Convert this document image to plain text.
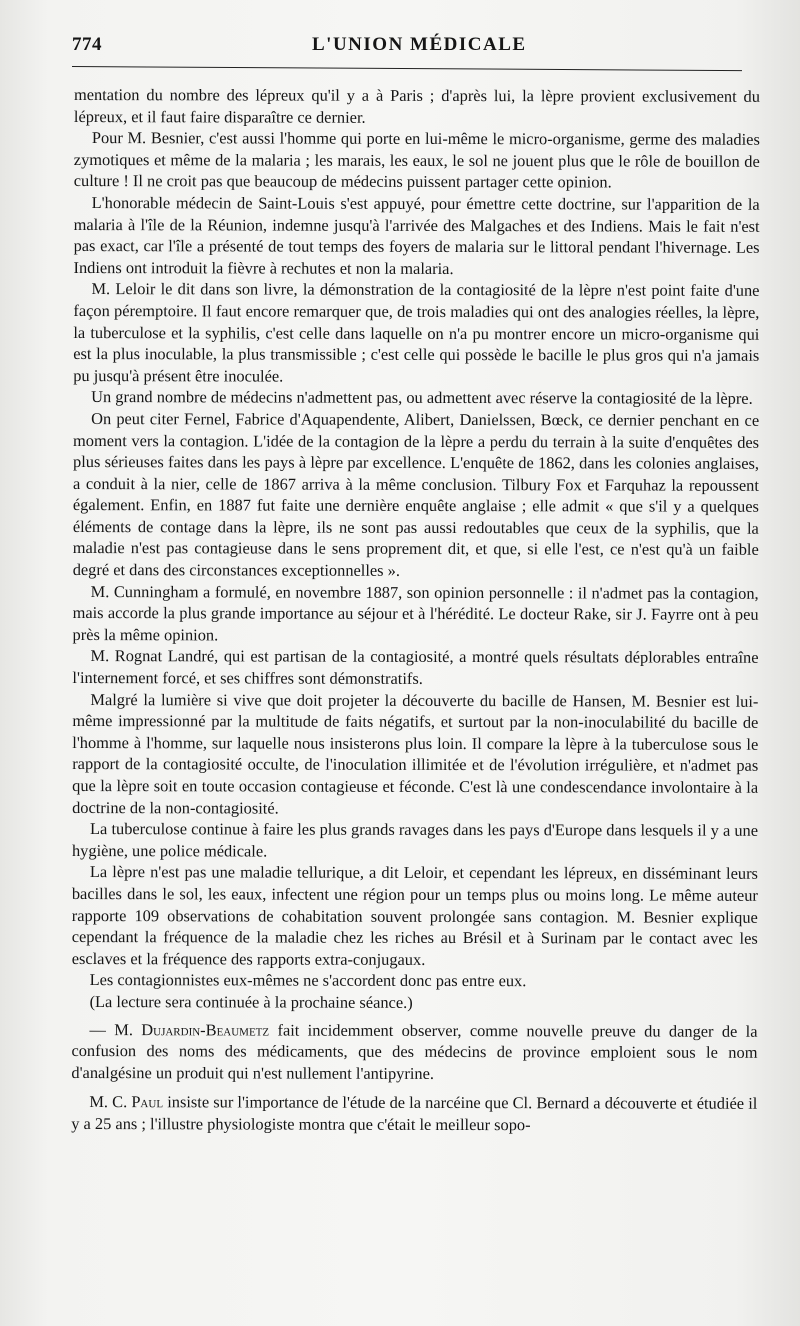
774	L'UNION MÉDICALE

mentation du nombre des lépreux qu'il y a à Paris ; d'après lui, la lèpre provient exclusivement du lépreux, et il faut faire disparaître ce dernier.

Pour M. Besnier, c'est aussi l'homme qui porte en lui-même le micro-organisme, germe des maladies zymotiques et même de la malaria ; les marais, les eaux, le sol ne jouent plus que le rôle de bouillon de culture ! Il ne croit pas que beaucoup de médecins puissent partager cette opinion.

L'honorable médecin de Saint-Louis s'est appuyé, pour émettre cette doctrine, sur l'apparition de la malaria à l'île de la Réunion, indemne jusqu'à l'arrivée des Malgaches et des Indiens. Mais le fait n'est pas exact, car l'île a présenté de tout temps des foyers de malaria sur le littoral pendant l'hivernage. Les Indiens ont introduit la fièvre à rechutes et non la malaria.

M. Leloir le dit dans son livre, la démonstration de la contagiosité de la lèpre n'est point faite d'une façon péremptoire. Il faut encore remarquer que, de trois maladies qui ont des analogies réelles, la lèpre, la tuberculose et la syphilis, c'est celle dans laquelle on n'a pu montrer encore un micro-organisme qui est la plus inoculable, la plus transmissible ; c'est celle qui possède le bacille le plus gros qui n'a jamais pu jusqu'à présent être inoculée.

Un grand nombre de médecins n'admettent pas, ou admettent avec réserve la contagiosité de la lèpre.

On peut citer Fernel, Fabrice d'Aquapendente, Alibert, Danielssen, Bœck, ce dernier penchant en ce moment vers la contagion. L'idée de la contagion de la lèpre a perdu du terrain à la suite d'enquêtes des plus sérieuses faites dans les pays à lèpre par excellence. L'enquête de 1862, dans les colonies anglaises, a conduit à la nier, celle de 1867 arriva à la même conclusion. Tilbury Fox et Farquhaz la repoussent également. Enfin, en 1887 fut faite une dernière enquête anglaise ; elle admit « que s'il y a quelques éléments de contage dans la lèpre, ils ne sont pas aussi redoutables que ceux de la syphilis, que la maladie n'est pas contagieuse dans le sens proprement dit, et que, si elle l'est, ce n'est qu'à un faible degré et dans des circonstances exceptionnelles ».

M. Cunningham a formulé, en novembre 1887, son opinion personnelle : il n'admet pas la contagion, mais accorde la plus grande importance au séjour et à l'hérédité. Le docteur Rake, sir J. Fayrre ont à peu près la même opinion.

M. Rognat Landré, qui est partisan de la contagiosité, a montré quels résultats déplorables entraîne l'internement forcé, et ses chiffres sont démonstratifs.

Malgré la lumière si vive que doit projeter la découverte du bacille de Hansen, M. Besnier est lui-même impressionné par la multitude de faits négatifs, et surtout par la non-inoculabilité du bacille de l'homme à l'homme, sur laquelle nous insisterons plus loin. Il compare la lèpre à la tuberculose sous le rapport de la contagiosité occulte, de l'inoculation illimitée et de l'évolution irrégulière, et n'admet pas que la lèpre soit en toute occasion contagieuse et féconde. C'est là une condescendance involontaire à la doctrine de la non-contagiosité.

La tuberculose continue à faire les plus grands ravages dans les pays d'Europe dans lesquels il y a une hygiène, une police médicale.

La lèpre n'est pas une maladie tellurique, a dit Leloir, et cependant les lépreux, en disséminant leurs bacilles dans le sol, les eaux, infectent une région pour un temps plus ou moins long. Le même auteur rapporte 109 observations de cohabitation souvent prolongée sans contagion. M. Besnier explique cependant la fréquence de la maladie chez les riches au Brésil et à Surinam par le contact avec les esclaves et la fréquence des rapports extra-conjugaux.

Les contagionnistes eux-mêmes ne s'accordent donc pas entre eux.

(La lecture sera continuée à la prochaine séance.)

— M. Dujardin-Beaumetz fait incidemment observer, comme nouvelle preuve du danger de la confusion des noms des médicaments, que des médecins de province emploient sous le nom d'analgésine un produit qui n'est nullement l'antipyrine.

M. C. Paul insiste sur l'importance de l'étude de la narcéine que Cl. Bernard a découverte et étudiée il y a 25 ans ; l'illustre physiologiste montra que c'était le meilleur sopo-
